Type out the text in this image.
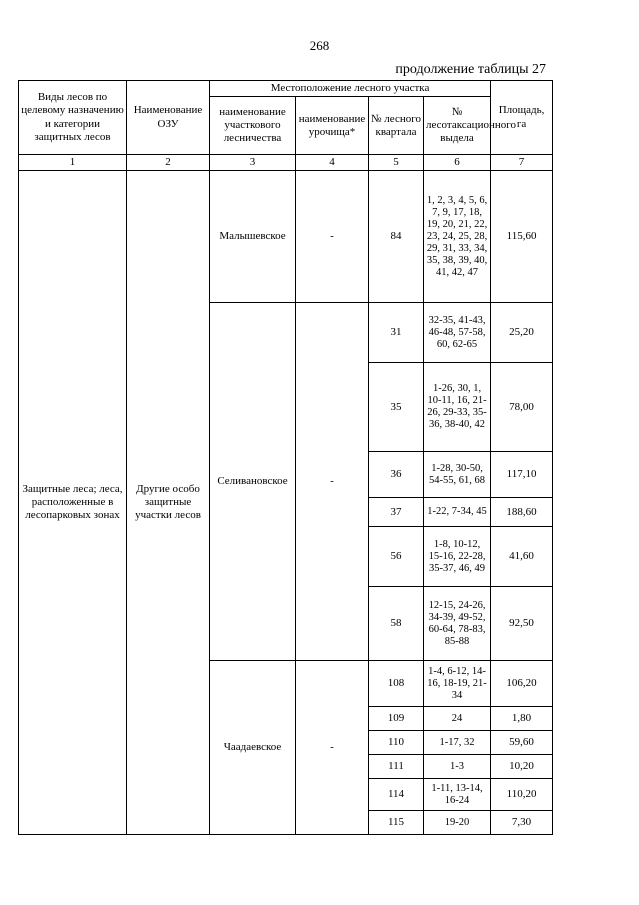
268
продолжение таблицы 27
Виды лесов по целевому назначению и категории защитных лесов	Наименование ОЗУ	Местоположение лесного участка				Площадь, га
		наименование участкового лесничества	наименование урочища*	№ лесного квартала	№ лесотаксационного выдела	
1	2	3	4	5	6	7
Защитные леса; леса, расположенные в лесопарковых зонах	Другие особо защитные участки лесов	Малышевское	-	84	1, 2, 3, 4, 5, 6, 7, 9, 17, 18, 19, 20, 21, 22, 23, 24, 25, 28, 29, 31, 33, 34, 35, 38, 39, 40, 41, 42, 47	115,60
		Селивановское	-	31	32-35, 41-43, 46-48, 57-58, 60, 62-65	25,20
				35	1-26, 30, 1, 10-11, 16, 21-26, 29-33, 35-36, 38-40, 42	78,00
				36	1-28, 30-50, 54-55, 61, 68	117,10
				37	1-22, 7-34, 45	188,60
				56	1-8, 10-12, 15-16, 22-28, 35-37, 46, 49	41,60
				58	12-15, 24-26, 34-39, 49-52, 60-64, 78-83, 85-88	92,50
		Чаадаевское	-	108	1-4, 6-12, 14-16, 18-19, 21-34	106,20
				109	24	1,80
				110	1-17, 32	59,60
				111	1-3	10,20
				114	1-11, 13-14, 16-24	110,20
				115	19-20	7,30
